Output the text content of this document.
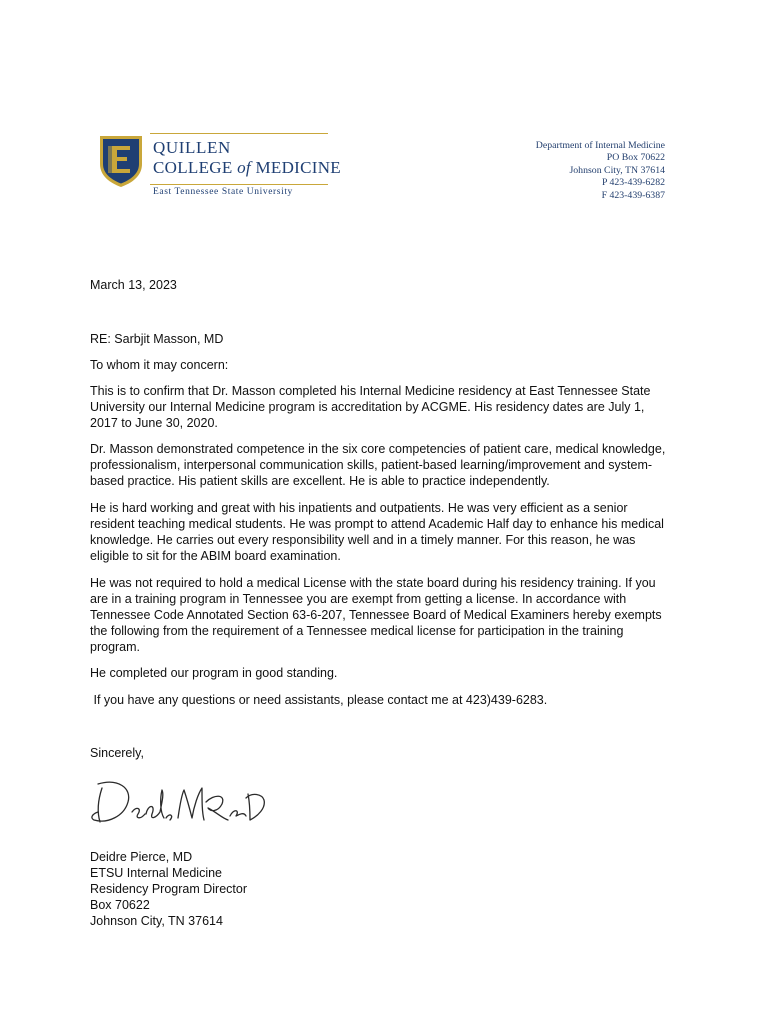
QUILLEN
COLLEGE of MEDICINE
East Tennessee State University
Department of Internal Medicine
PO Box 70622
Johnson City, TN 37614
P 423-439-6282
F 423-439-6387
March 13, 2023
RE: Sarbjit Masson, MD
To whom it may concern:
This is to confirm that Dr. Masson completed his Internal Medicine residency at East Tennessee State
University our Internal Medicine program is accreditation by ACGME. His residency dates are July 1,
2017 to June 30, 2020.
Dr. Masson demonstrated competence in the six core competencies of patient care, medical knowledge,
professionalism, interpersonal communication skills, patient-based learning/improvement and system-
based practice. His patient skills are excellent. He is able to practice independently.
He is hard working and great with his inpatients and outpatients. He was very efficient as a senior
resident teaching medical students. He was prompt to attend Academic Half day to enhance his medical
knowledge. He carries out every responsibility well and in a timely manner. For this reason, he was
eligible to sit for the ABIM board examination.
He was not required to hold a medical License with the state board during his residency training. If you
are in a training program in Tennessee you are exempt from getting a license. In accordance with
Tennessee Code Annotated Section 63-6-207, Tennessee Board of Medical Examiners hereby exempts
the following from the requirement of a Tennessee medical license for participation in the training
program.
He completed our program in good standing.
If you have any questions or need assistants, please contact me at 423)439-6283.
Sincerely,
Deidre Pierce, MD
ETSU Internal Medicine
Residency Program Director
Box 70622
Johnson City, TN 37614
